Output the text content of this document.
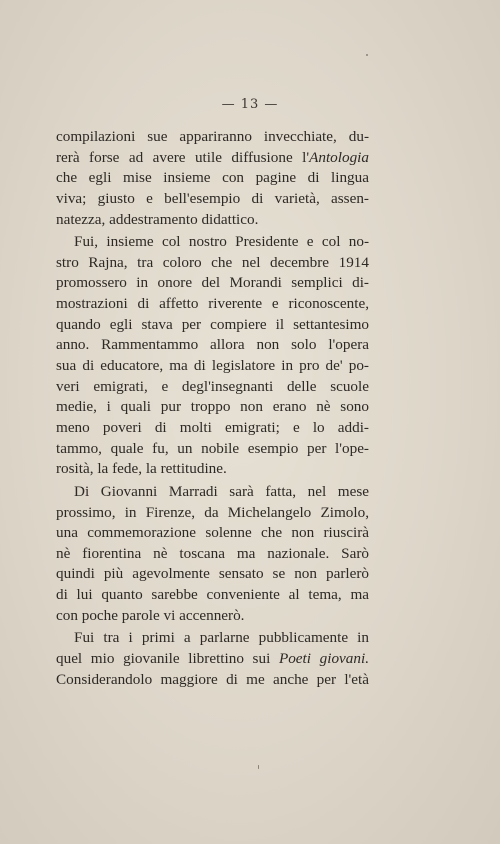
— 13 —
compilazioni sue appariranno invecchiate, du-
rerà forse ad avere utile diffusione l'Antologia
che egli mise insieme con pagine di lingua
viva; giusto e bell'esempio di varietà, assen-
natezza, addestramento didattico.
Fui, insieme col nostro Presidente e col no-
stro Rajna, tra coloro che nel decembre 1914
promossero in onore del Morandi semplici di-
mostrazioni di affetto riverente e riconoscente,
quando egli stava per compiere il settantesimo
anno. Rammentammo allora non solo l'opera
sua di educatore, ma di legislatore in pro de' po-
veri emigrati, e degl'insegnanti delle scuole
medie, i quali pur troppo non erano nè sono
meno poveri di molti emigrati; e lo addi-
tammo, quale fu, un nobile esempio per l'ope-
rosità, la fede, la rettitudine.
Di Giovanni Marradi sarà fatta, nel mese
prossimo, in Firenze, da Michelangelo Zimolo,
una commemorazione solenne che non riuscirà
nè fiorentina nè toscana ma nazionale. Sarò
quindi più agevolmente sensato se non parlerò
di lui quanto sarebbe conveniente al tema, ma
con poche parole vi accennerò.
Fui tra i primi a parlarne pubblicamente in
quel mio giovanile librettino sui Poeti giovani.
Considerandolo maggiore di me anche per l'età
